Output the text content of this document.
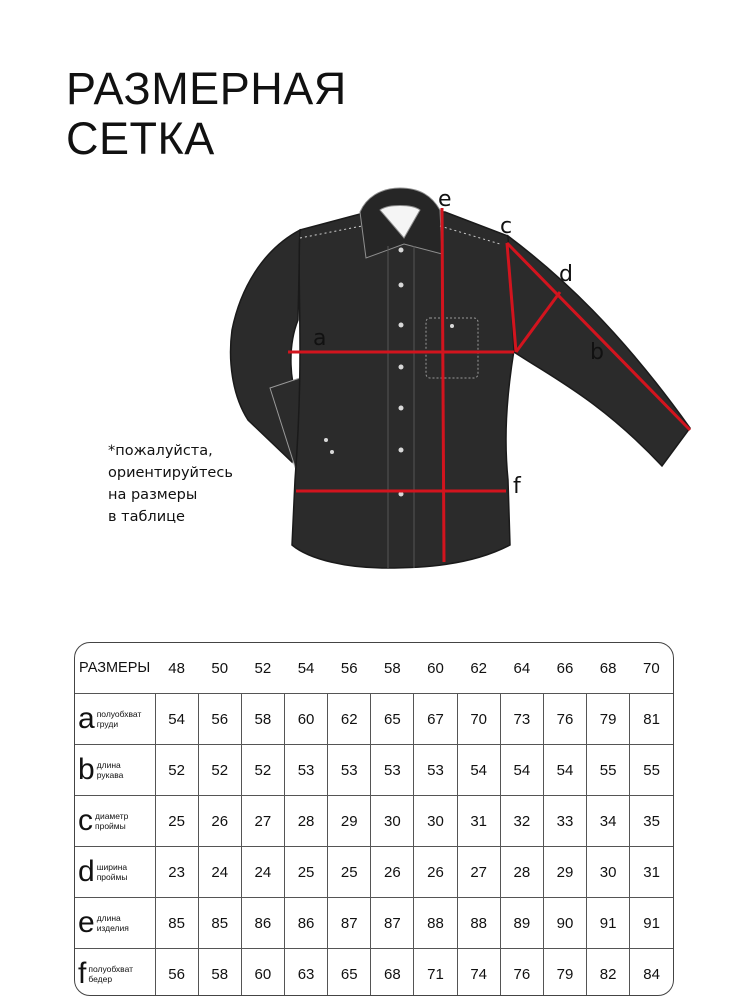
РАЗМЕРНАЯ
СЕТКА
a
b
c
d
e
f

*пожалуйста,
ориентируйтесь
на размеры
в таблице

РАЗМЕРЫ	48	50	52	54	56	58	60	62	64	66	68	70
a полуобхват
груди	54	56	58	60	62	65	67	70	73	76	79	81
b длина
рукава	52	52	52	53	53	53	53	54	54	54	55	55
c диаметр
проймы	25	26	27	28	29	30	30	31	32	33	34	35
d ширина
проймы	23	24	24	25	25	26	26	27	28	29	30	31
e длина
изделия	85	85	86	86	87	87	88	88	89	90	91	91
f полуобхват
бедер	56	58	60	63	65	68	71	74	76	79	82	84
